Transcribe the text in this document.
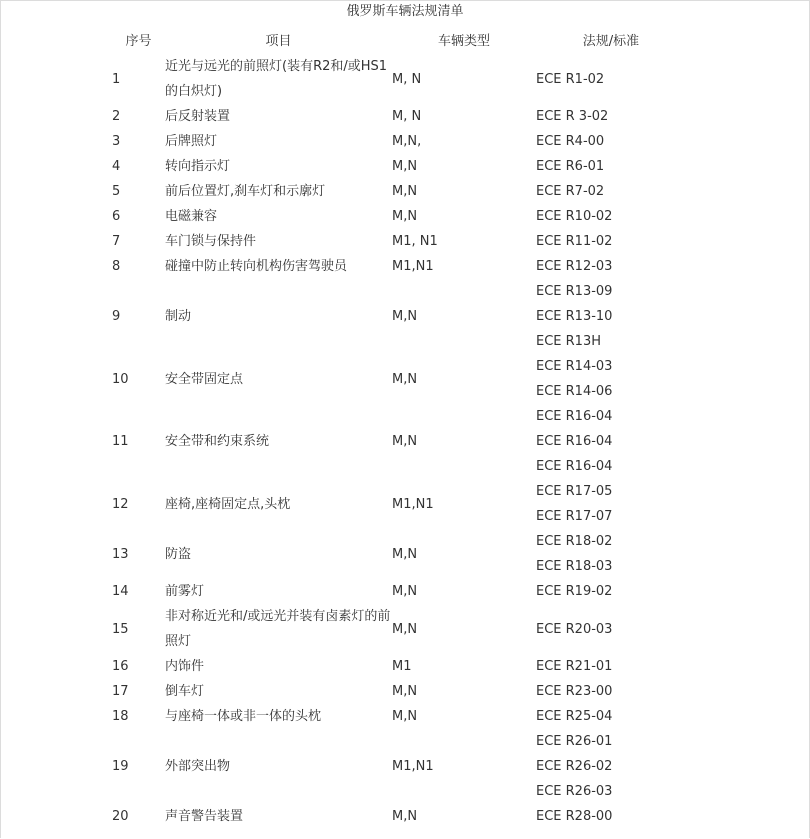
俄罗斯车辆法规清单
序号	项目	车辆类型	法规/标准
1	近光与远光的前照灯(装有R2和/或HS1的白炽灯)	M, N	ECE R1-02
2	后反射装置	M, N	ECE R 3-02
3	后牌照灯	M,N,	ECE R4-00
4	转向指示灯	M,N	ECE R6-01
5	前后位置灯,刹车灯和示廓灯	M,N	ECE R7-02
6	电磁兼容	M,N	ECE R10-02
7	车门锁与保持件	M1, N1	ECE R11-02
8	碰撞中防止转向机构伤害驾驶员	M1,N1	ECE R12-03
9	制动	M,N	ECE R13-09
			ECE R13-10
			ECE R13H
10	安全带固定点	M,N	ECE R14-03
			ECE R14-06
11	安全带和约束系统	M,N	ECE R16-04
			ECE R16-04
			ECE R16-04
12	座椅,座椅固定点,头枕	M1,N1	ECE R17-05
			ECE R17-07
13	防盗	M,N	ECE R18-02
			ECE R18-03
14	前雾灯	M,N	ECE R19-02
15	非对称近光和/或远光并装有卤素灯的前照灯	M,N	ECE R20-03
16	内饰件	M1	ECE R21-01
17	倒车灯	M,N	ECE R23-00
18	与座椅一体或非一体的头枕	M,N	ECE R25-04
19	外部突出物	M1,N1	ECE R26-01
			ECE R26-02
			ECE R26-03
20	声音警告装置	M,N	ECE R28-00
